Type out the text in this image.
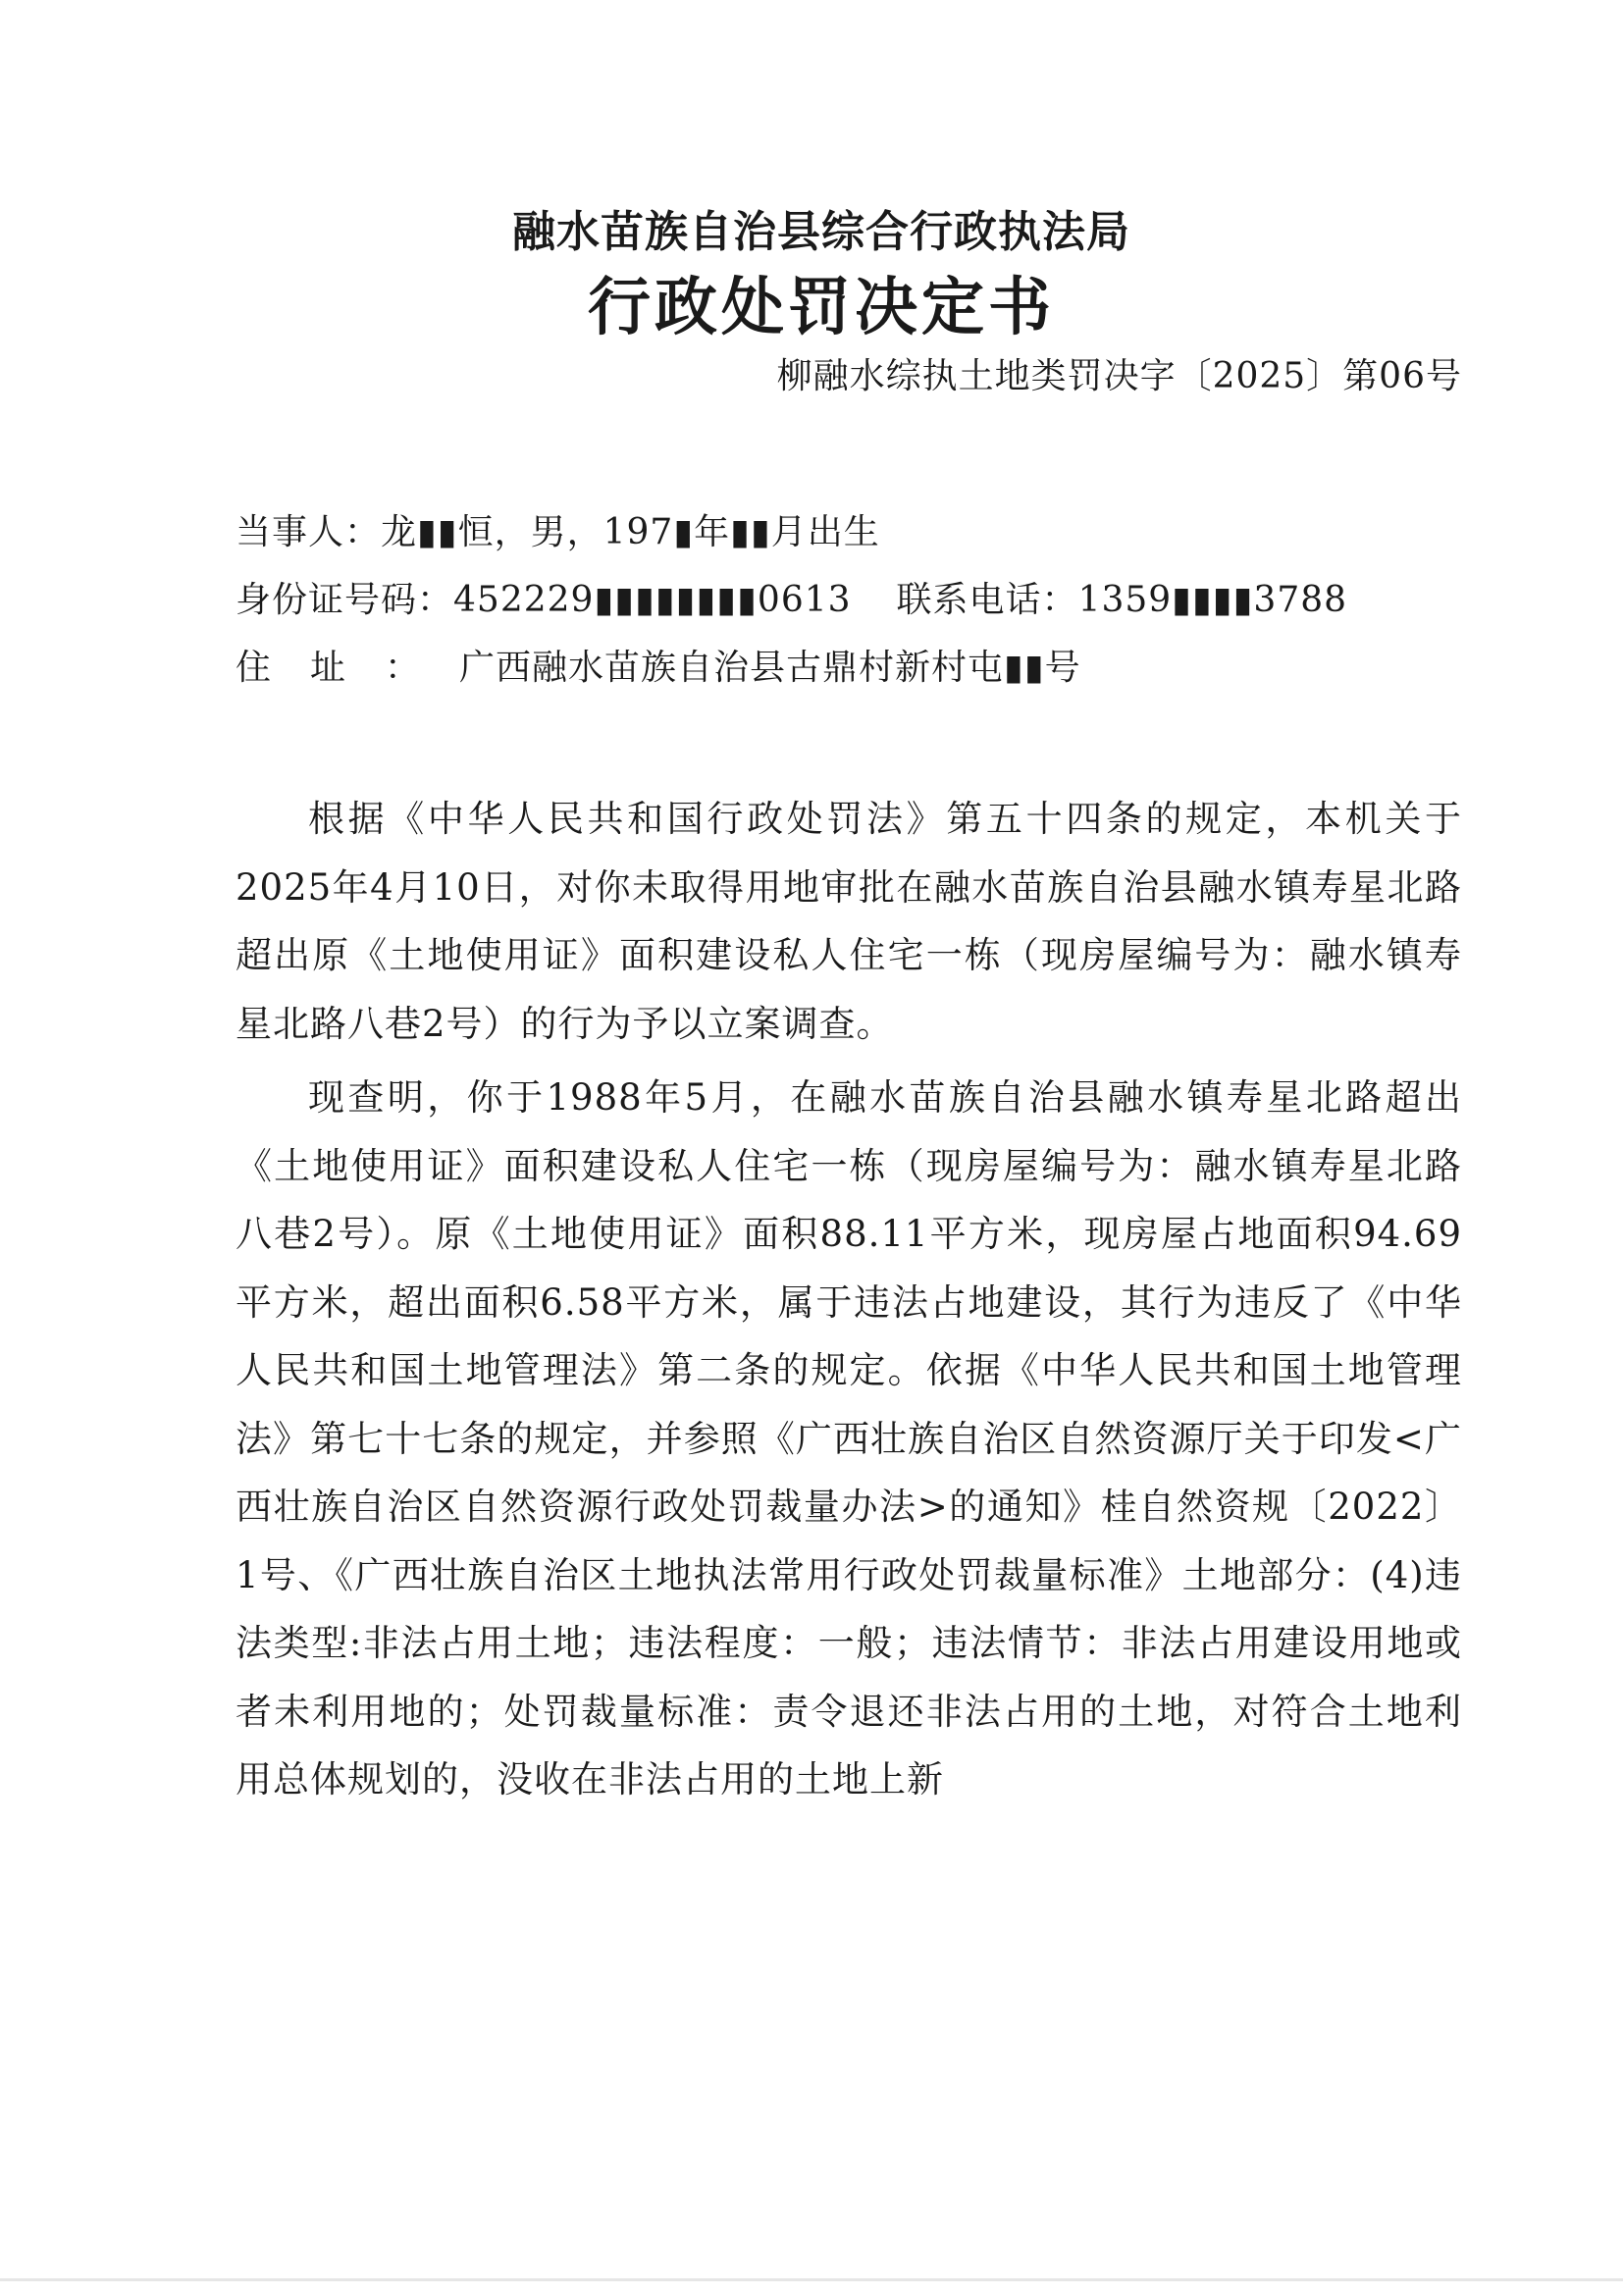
融水苗族自治县综合行政执法局
行政处罚决定书
柳融水综执土地类罚决字〔2025〕第06号
当事人：龙▮▮恒，男，197▮年▮▮月出生
身份证号码：452229▮▮▮▮▮▮▮▮0613 联系电话：1359▮▮▮▮3788
住址：广西融水苗族自治县古鼎村新村屯▮▮号

根据《中华人民共和国行政处罚法》第五十四条的规定，本机关于 2025年4月10日，对你未取得用地审批在融水苗族自治县融水镇寿星北路超出原《土地使用证》面积建设私人住宅一栋（现房屋编号为：融水镇寿星北路八巷2号）的行为予以立案调查。

现查明，你于1988年5月，在融水苗族自治县融水镇寿星北路超出《土地使用证》面积建设私人住宅一栋（现房屋编号为：融水镇寿星北路八巷2号）。原《土地使用证》面积88.11平方米，现房屋占地面积94.69平方米，超出面积6.58平方米，属于违法占地建设，其行为违反了《中华人民共和国土地管理法》第二条的规定。依据《中华人民共和国土地管理法》第七十七条的规定，并参照《广西壮族自治区自然资源厅关于印发<广西壮族自治区自然资源行政处罚裁量办法>的通知》桂自然资规〔2022〕1号、《广西壮族自治区土地执法常用行政处罚裁量标准》土地部分：(4)违法类型:非法占用土地；违法程度：一般；违法情节：非法占用建设用地或者未利用地的；处罚裁量标准：责令退还非法占用的土地，对符合土地利用总体规划的，没收在非法占用的土地上新
